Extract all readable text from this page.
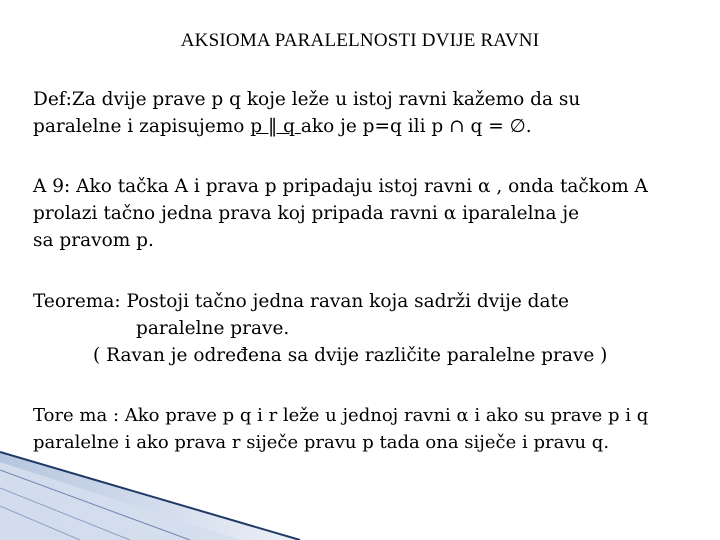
AKSIOMA PARALELNOSTI DVIJE RAVNI
Def:Za dvije prave p q koje leže u istoj ravni kažemo da su
paralelne i zapisujemo p ‖ q ako je p=q ili p ∩ q = ∅.
A 9: Ako tačka A i prava p pripadaju istoj ravni α , onda tačkom A
prolazi tačno jedna prava koj pripada ravni α iparalelna je
sa pravom p.
Teorema: Postoji tačno jedna ravan koja sadrži dvije date
paralelne prave.
( Ravan je određena sa dvije različite paralelne prave )
Tore ma : Ako prave p q i r leže u jednoj ravni α i ako su prave p i q
paralelne i ako prava r siječe pravu p tada ona siječe i pravu q.
